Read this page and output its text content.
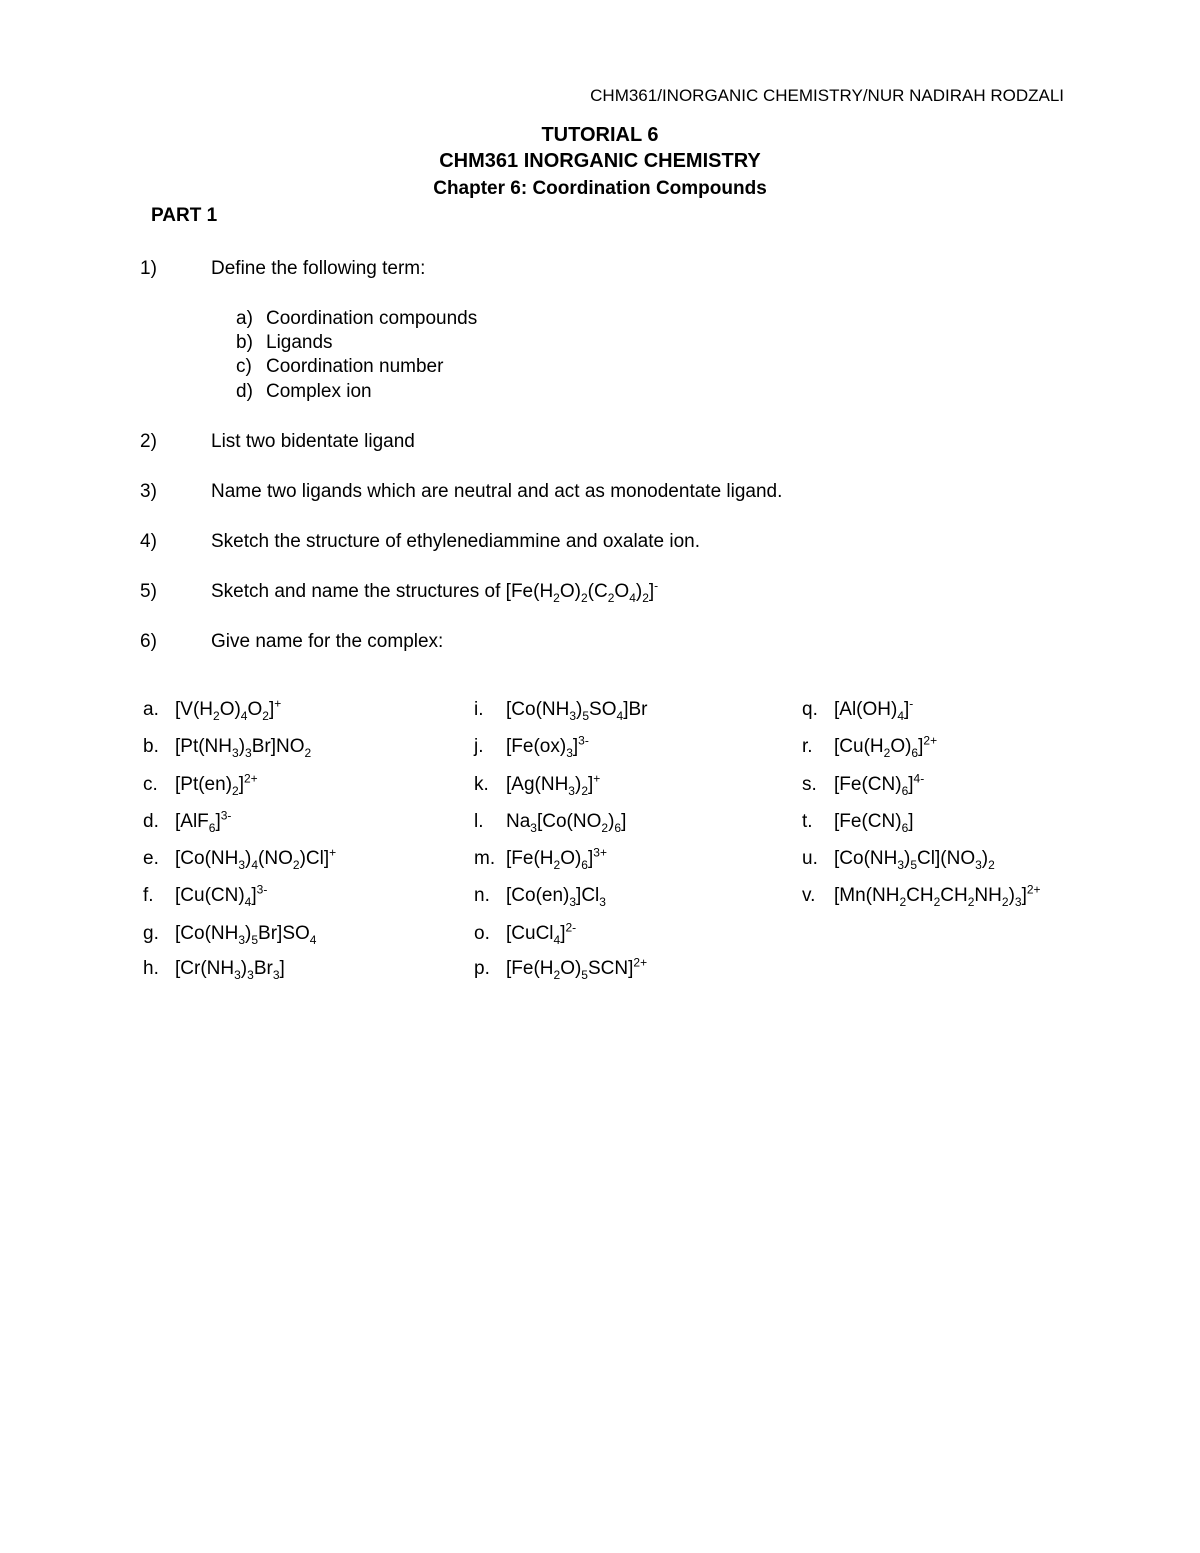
CHM361/INORGANIC CHEMISTRY/NUR NADIRAH RODZALI
TUTORIAL 6
CHM361 INORGANIC CHEMISTRY
Chapter 6: Coordination Compounds
PART 1
1)	Define the following term:
a) Coordination compounds
b) Ligands
c) Coordination number
d) Complex ion
2)	List two bidentate ligand
3)	Name two ligands which are neutral and act as monodentate ligand.
4)	Sketch the structure of ethylenediammine and oxalate ion.
5)	Sketch and name the structures of $[Fe(H_2O)_2(C_2O_4)_2]^-$
6)	Give name for the complex:
a. $[V(H_2O)_4O_2]^+$
b. $[Pt(NH_3)_3Br]NO_2$
c. $[Pt(en)_2]^{2+}$
d. $[AlF_6]^{3-}$
e. $[Co(NH_3)_4(NO_2)Cl]^+$
f. $[Cu(CN)_4]^{3-}$
g. $[Co(NH_3)_5Br]SO_4$
h. $[Cr(NH_3)_3Br_3]$
i. $[Co(NH_3)_5SO_4]Br$
j. $[Fe(ox)_3]^{3-}$
k. $[Ag(NH_3)_2]^+$
l. $Na_3[Co(NO_2)_6]$
m. $[Fe(H_2O)_6]^{3+}$
n. $[Co(en)_3]Cl_3$
o. [CuCl$_4$]$^{2-}$
p. $[Fe(H_2O)_5SCN]^{2+}$
q. $[Al(OH)_4]^-$
r. $[Cu(H_2O)_6]^{2+}$
s. $[Fe(CN)_6]^{4-}$
t. $[Fe(CN)_6]$
u. $[Co(NH_3)_5Cl](NO_3)_2$
v. $[Mn(NH_2CH_2CH_2NH_2)_3]^{2+}$
